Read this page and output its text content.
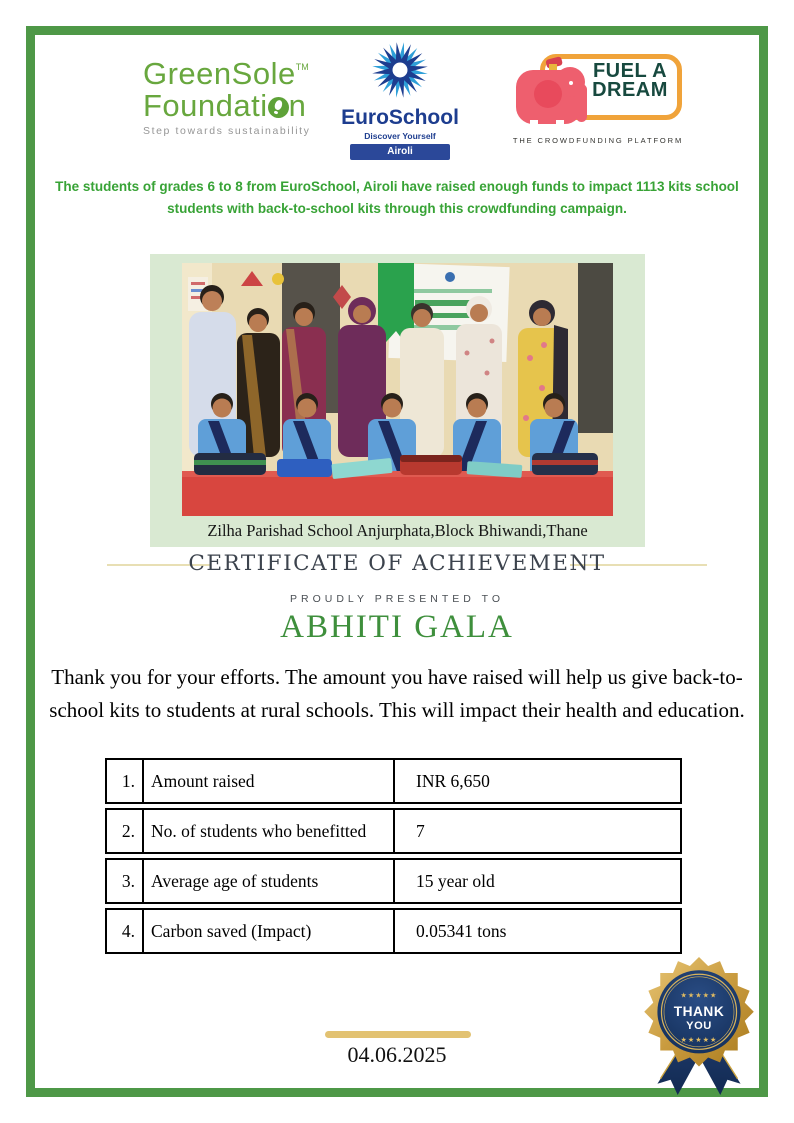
GreenSole™
Foundati n
Step towards sustainability
EuroSchool
Discover Yourself
Airoli
FUEL A
DREAM
THE CROWDFUNDING PLATFORM

The students of grades 6 to 8 from EuroSchool, Airoli have raised enough funds to impact 1113 kits school students with back-to-school kits through this crowdfunding campaign.

Zilha Parishad School Anjurphata,Block Bhiwandi,Thane
CERTIFICATE OF ACHIEVEMENT
PROUDLY PRESENTED TO
ABHITI GALA

Thank you for your efforts. The amount you have raised will help us give back-to-school kits to students at rural schools. This will impact their health and education.

1. Amount raised	INR 6,650
2. No. of students who benefitted	7
3. Average age of students	15 year old
4. Carbon saved (Impact)	0.05341 tons
04.06.2025
★★★★★
THANK
YOU
★★★★★
